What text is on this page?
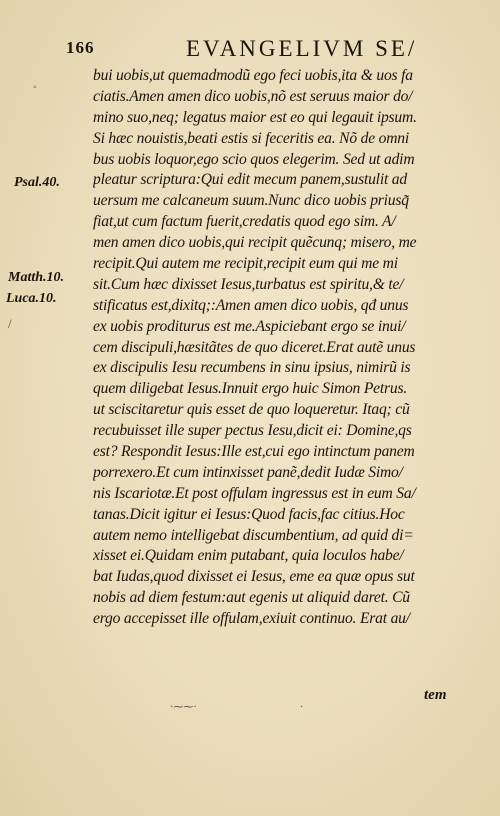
166	EVANGELIVM SE/
◦
Psal.40.
Matth.10.
Luca.10.
/
bui uobis,ut quemadmodũ ego feci uobis,ita & uos fa
ciatis.Amen amen dico uobis,nõ est seruus maior do/
mino suo,neq; legatus maior est eo qui legauit ipsum.
Si hæc nouistis,beati estis si feceritis ea. Nõ de omni
bus uobis loquor,ego scio quos elegerim. Sed ut adim
pleatur scriptura:Qui edit mecum panem,sustulit ad
uersum me calcaneum suum.Nunc dico uobis priusq̃
fiat,ut cum factum fuerit,credatis quod ego sim. A/
men amen dico uobis,qui recipit quẽcunq; misero, me
recipit.Qui autem me recipit,recipit eum qui me mi
sit.Cum hæc dixisset Iesus,turbatus est spiritu,& te/
stificatus est,dixitq;:Amen amen dico uobis, qđ unus
ex uobis proditurus est me.Aspiciebant ergo se inui/
cem discipuli,hæsitãtes de quo diceret.Erat autẽ unus
ex discipulis Iesu recumbens in sinu ipsius, nimirũ is
quem diligebat Iesus.Innuit ergo huic Simon Petrus.
ut sciscitaretur quis esset de quo loqueretur. Itaq; cũ
recubuisset ille super pectus Iesu,dicit ei: Domine,qs
est? Respondit Iesus:Ille est,cui ego intinctum panem
porrexero.Et cum intinxisset panẽ,dedit Iudæ Simo/
nis Iscariotæ.Et post offulam ingressus est in eum Sa/
tanas.Dicit igitur ei Iesus:Quod facis,fac citius.Hoc
autem nemo intelligebat discumbentium, ad quid di=
xisset ei.Quidam enim putabant, quia loculos habe/
bat Iudas,quod dixisset ei Iesus, eme ea quæ opus sut
nobis ad diem festum:aut egenis ut aliquid daret. Cũ
ergo accepisset ille offulam,exiuit continuo. Erat au/
tem
·⁓⁓·	·
